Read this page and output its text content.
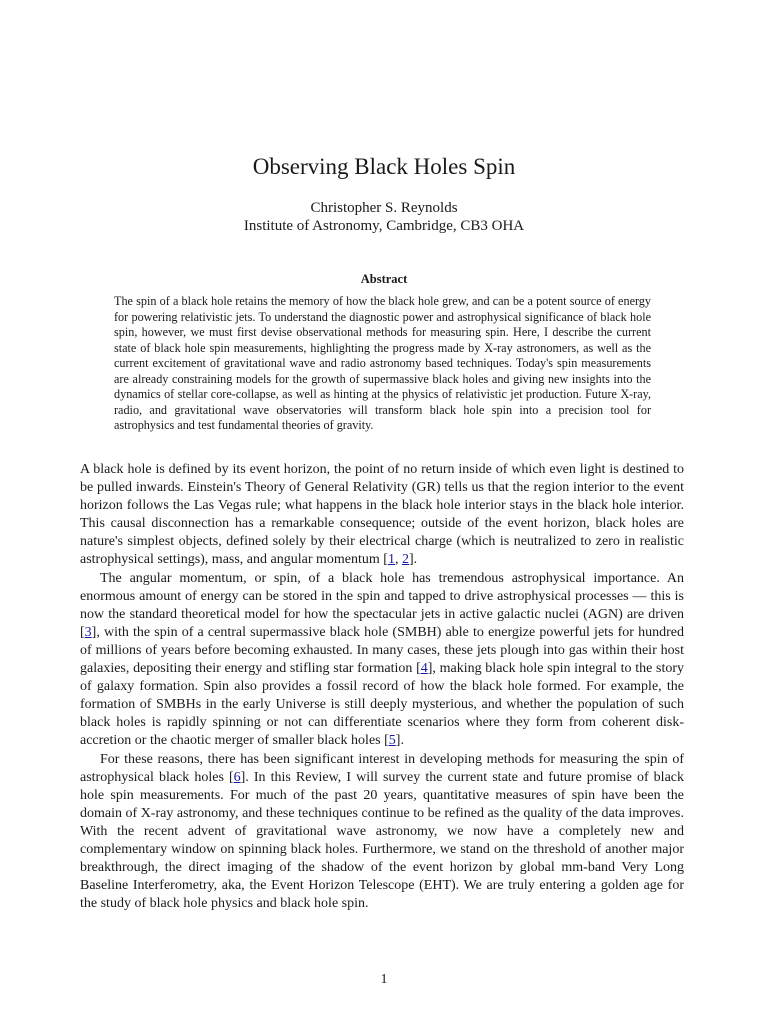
Observing Black Holes Spin
Christopher S. Reynolds
Institute of Astronomy, Cambridge, CB3 OHA
Abstract

The spin of a black hole retains the memory of how the black hole grew, and can be a potent source of energy for powering relativistic jets. To understand the diagnostic power and astrophysical significance of black hole spin, however, we must first devise observational methods for measuring spin. Here, I describe the current state of black hole spin measurements, highlighting the progress made by X-ray astronomers, as well as the current excitement of gravitational wave and radio astronomy based techniques. Today's spin measurements are already constraining models for the growth of supermassive black holes and giving new insights into the dynamics of stellar core-collapse, as well as hinting at the physics of relativistic jet production. Future X-ray, radio, and gravitational wave observatories will transform black hole spin into a precision tool for astrophysics and test fundamental theories of gravity.

A black hole is defined by its event horizon, the point of no return inside of which even light is destined to be pulled inwards. Einstein's Theory of General Relativity (GR) tells us that the region interior to the event horizon follows the Las Vegas rule; what happens in the black hole interior stays in the black hole interior. This causal disconnection has a remarkable consequence; outside of the event horizon, black holes are nature's simplest objects, defined solely by their electrical charge (which is neutralized to zero in realistic astrophysical settings), mass, and angular momentum [1, 2].

The angular momentum, or spin, of a black hole has tremendous astrophysical importance. An enormous amount of energy can be stored in the spin and tapped to drive astrophysical processes — this is now the standard theoretical model for how the spectacular jets in active galactic nuclei (AGN) are driven [3], with the spin of a central supermassive black hole (SMBH) able to energize powerful jets for hundred of millions of years before becoming exhausted. In many cases, these jets plough into gas within their host galaxies, depositing their energy and stifling star formation [4], making black hole spin integral to the story of galaxy formation. Spin also provides a fossil record of how the black hole formed. For example, the formation of SMBHs in the early Universe is still deeply mysterious, and whether the population of such black holes is rapidly spinning or not can differentiate scenarios where they form from coherent disk-accretion or the chaotic merger of smaller black holes [5].

For these reasons, there has been significant interest in developing methods for measuring the spin of astrophysical black holes [6]. In this Review, I will survey the current state and future promise of black hole spin measurements. For much of the past 20 years, quantitative measures of spin have been the domain of X-ray astronomy, and these techniques continue to be refined as the quality of the data improves. With the recent advent of gravitational wave astronomy, we now have a completely new and complementary window on spinning black holes. Furthermore, we stand on the threshold of another major breakthrough, the direct imaging of the shadow of the event horizon by global mm-band Very Long Baseline Interferometry, aka, the Event Horizon Telescope (EHT). We are truly entering a golden age for the study of black hole physics and black hole spin.

1
